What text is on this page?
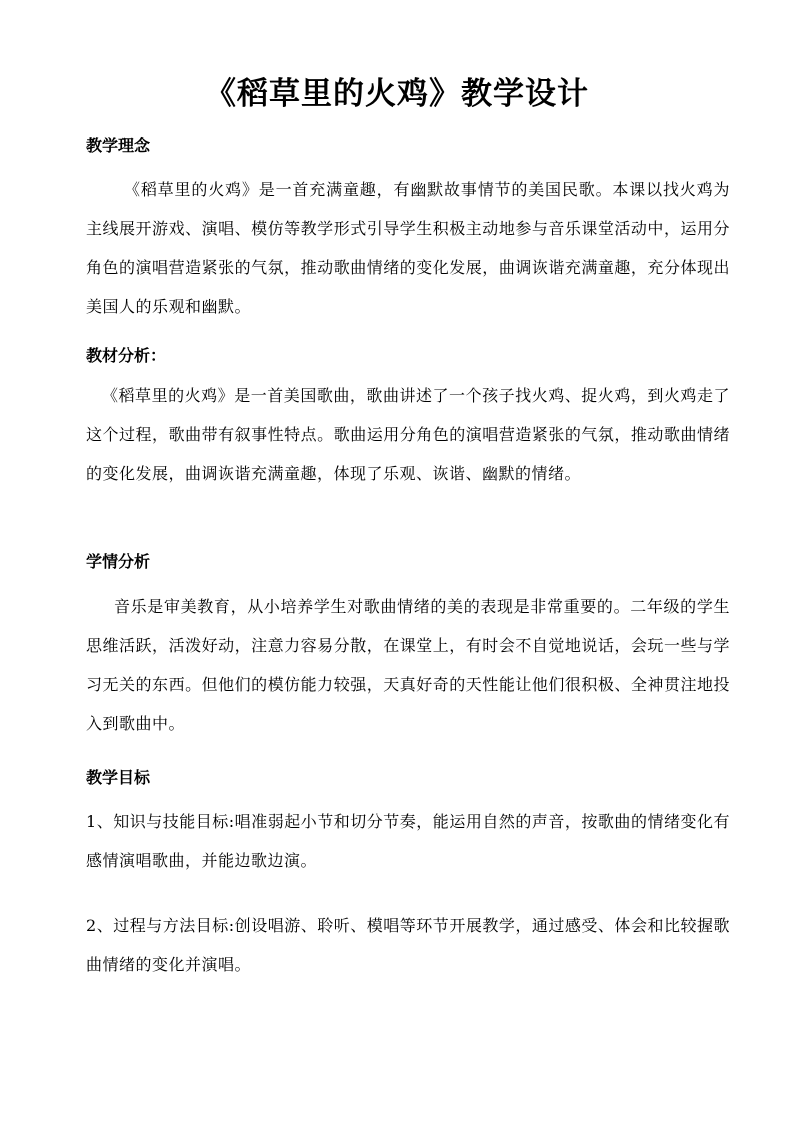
《稻草里的火鸡》教学设计
教学理念
《稻草里的火鸡》是一首充满童趣，有幽默故事情节的美国民歌。本课以找火鸡为主线展开游戏、演唱、模仿等教学形式引导学生积极主动地参与音乐课堂活动中，运用分角色的演唱营造紧张的气氛，推动歌曲情绪的变化发展，曲调诙谐充满童趣，充分体现出美国人的乐观和幽默。
教材分析：
《稻草里的火鸡》是一首美国歌曲，歌曲讲述了一个孩子找火鸡、捉火鸡，到火鸡走了这个过程，歌曲带有叙事性特点。歌曲运用分角色的演唱营造紧张的气氛，推动歌曲情绪的变化发展，曲调诙谐充满童趣，体现了乐观、诙谐、幽默的情绪。
学情分析
音乐是审美教育，从小培养学生对歌曲情绪的美的表现是非常重要的。二年级的学生思维活跃，活泼好动，注意力容易分散，在课堂上，有时会不自觉地说话，会玩一些与学习无关的东西。但他们的模仿能力较强，天真好奇的天性能让他们很积极、全神贯注地投入到歌曲中。
教学目标
1、知识与技能目标:唱准弱起小节和切分节奏，能运用自然的声音，按歌曲的情绪变化有感情演唱歌曲，并能边歌边演。
2、过程与方法目标:创设唱游、聆听、模唱等环节开展教学，通过感受、体会和比较握歌曲情绪的变化并演唱。
